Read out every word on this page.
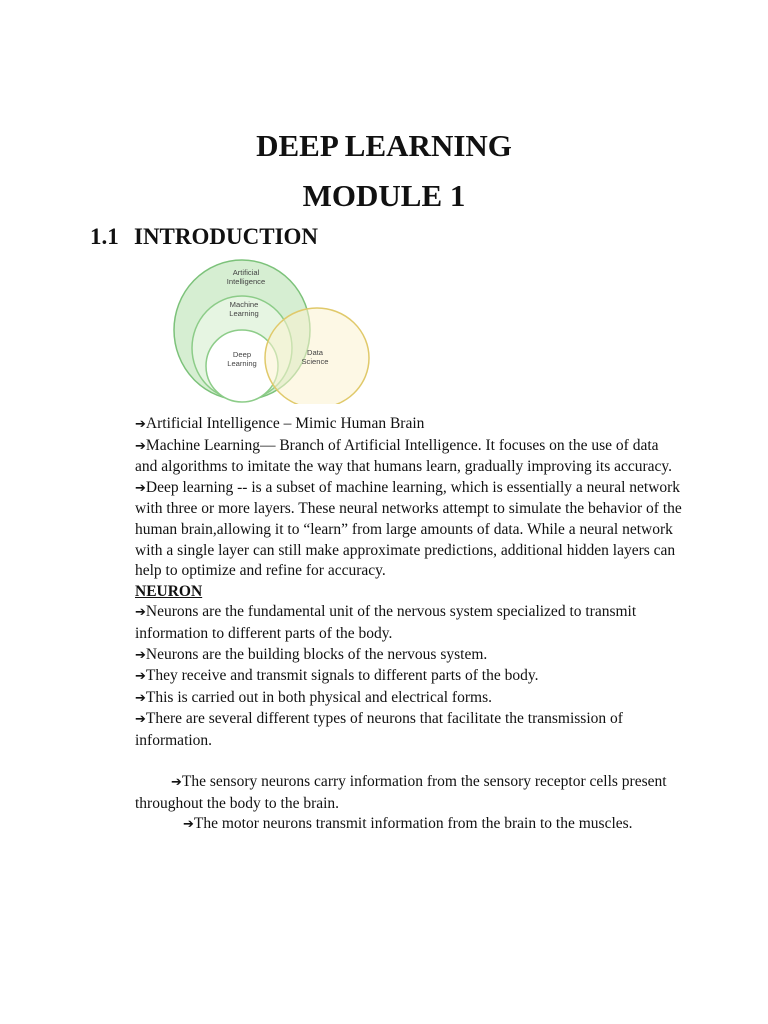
DEEP LEARNING
MODULE 1
1.1 INTRODUCTION
Artificial
Intelligence
Machine
Learning
Deep
Learning
Data
Science

➔Artificial Intelligence – Mimic Human Brain

➔Machine Learning— Branch of Artificial Intelligence. It focuses on the use of data and algorithms to imitate the way that humans learn, gradually improving its accuracy.

➔Deep learning -- is a subset of machine learning, which is essentially a neural network with three or more layers. These neural networks attempt to simulate the behavior of the human brain,allowing it to “learn” from large amounts of data. While a neural network with a single layer can still make approximate predictions, additional hidden layers can help to optimize and refine for accuracy.

NEURON

➔Neurons are the fundamental unit of the nervous system specialized to transmit information to different parts of the body.

➔Neurons are the building blocks of the nervous system.

➔They receive and transmit signals to different parts of the body.

➔This is carried out in both physical and electrical forms.

➔There are several different types of neurons that facilitate the transmission of information.

➔The sensory neurons carry information from the sensory receptor cells present throughout the body to the brain.

➔The motor neurons transmit information from the brain to the muscles.
